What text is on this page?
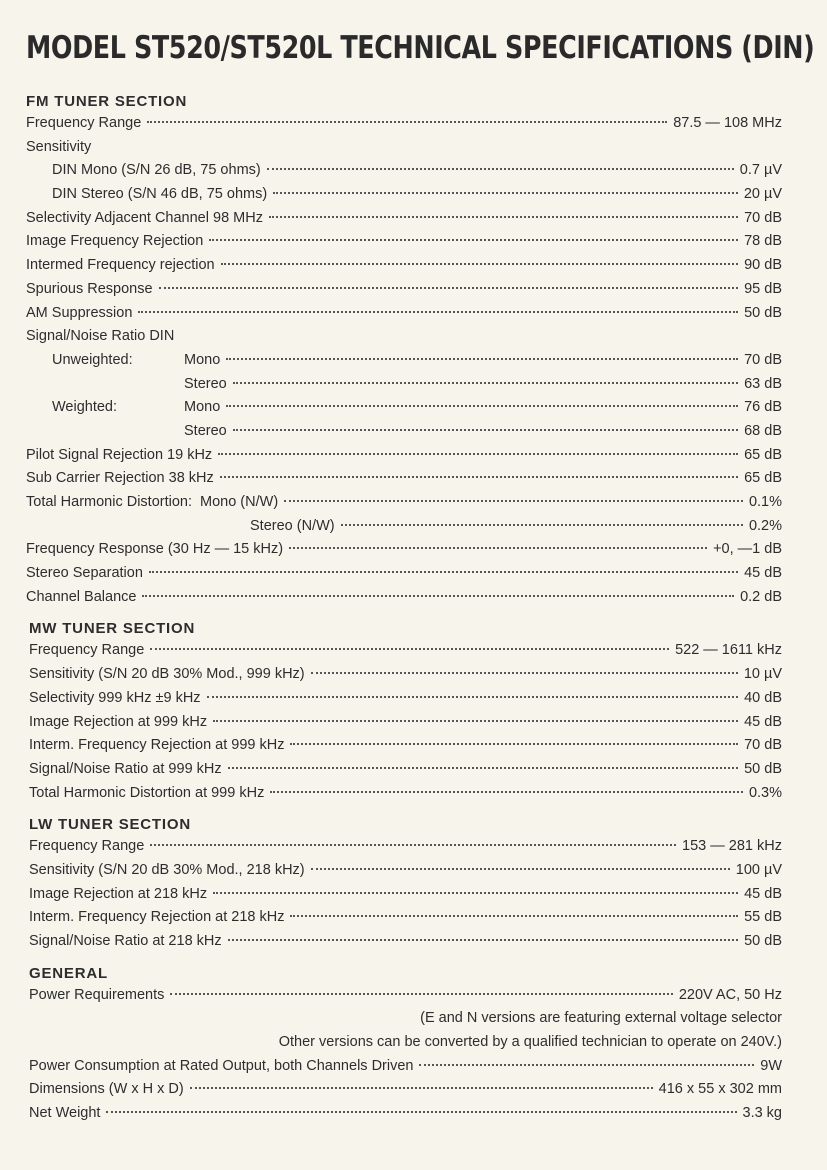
MODEL ST520/ST520L TECHNICAL SPECIFICATIONS (DIN)
FM TUNER SECTION
Frequency Range	87.5 — 108 MHz
Sensitivity
DIN Mono (S/N 26 dB, 75 ohms)	0.7 µV
DIN Stereo (S/N 46 dB, 75 ohms)	20 µV
Selectivity Adjacent Channel 98 MHz	70 dB
Image Frequency Rejection	78 dB
Intermed Frequency rejection	90 dB
Spurious Response	95 dB
AM Suppression	50 dB
Signal/Noise Ratio DIN
Unweighted:	Mono	70 dB
Stereo	63 dB
Weighted:	Mono	76 dB
Stereo	68 dB
Pilot Signal Rejection 19 kHz	65 dB
Sub Carrier Rejection 38 kHz	65 dB
Total Harmonic Distortion: Mono (N/W)	0.1%
Stereo (N/W)	0.2%
Frequency Response (30 Hz — 15 kHz)	+0, —1 dB
Stereo Separation	45 dB
Channel Balance	0.2 dB
MW TUNER SECTION
Frequency Range	522 — 1611 kHz
Sensitivity (S/N 20 dB 30% Mod., 999 kHz)	10 µV
Selectivity 999 kHz ±9 kHz	40 dB
Image Rejection at 999 kHz	45 dB
Interm. Frequency Rejection at 999 kHz	70 dB
Signal/Noise Ratio at 999 kHz	50 dB
Total Harmonic Distortion at 999 kHz	0.3%
LW TUNER SECTION
Frequency Range	153 — 281 kHz
Sensitivity (S/N 20 dB 30% Mod., 218 kHz)	100 µV
Image Rejection at 218 kHz	45 dB
Interm. Frequency Rejection at 218 kHz	55 dB
Signal/Noise Ratio at 218 kHz	50 dB
GENERAL
Power Requirements	220V AC, 50 Hz
(E and N versions are featuring external voltage selector
Other versions can be converted by a qualified technician to operate on 240V.)
Power Consumption at Rated Output, both Channels Driven	9W
Dimensions (W x H x D)	416 x 55 x 302 mm
Net Weight	3.3 kg
